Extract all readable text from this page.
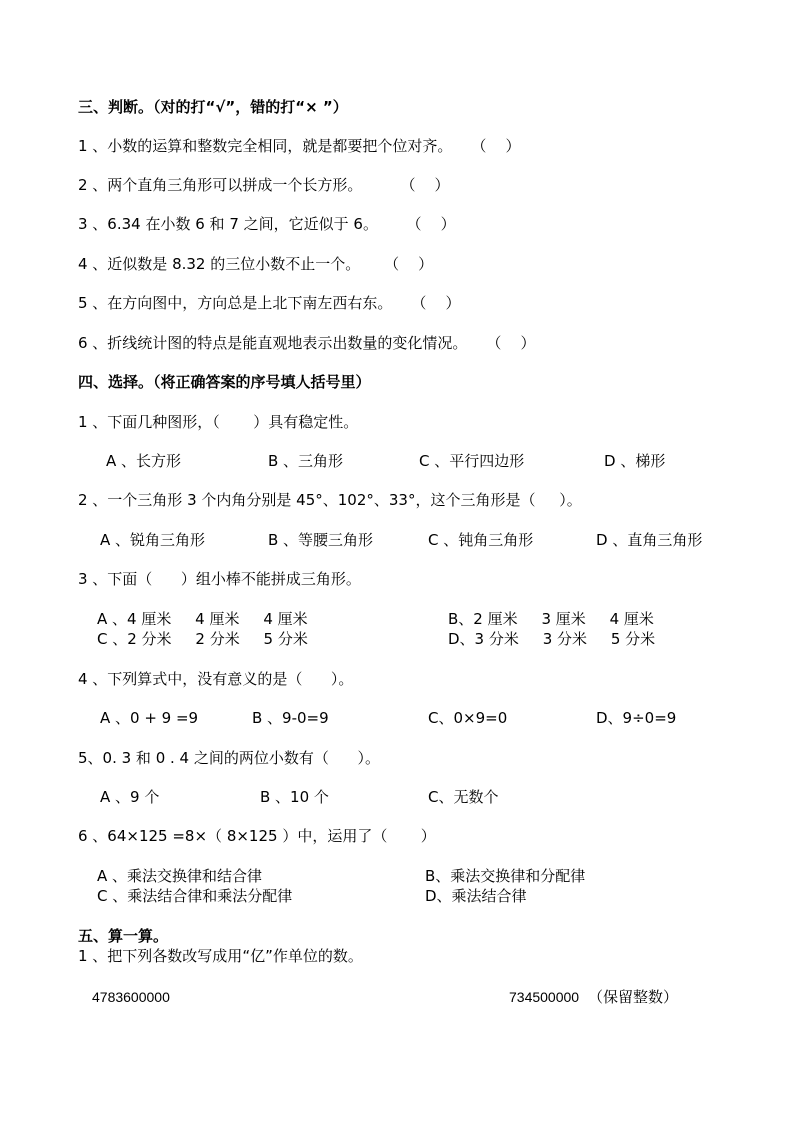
三、判断。（对的打“√”，错的打“× ”）
1 、小数的运算和整数完全相同，就是都要把个位对齐。    （    ）
2 、两个直角三角形可以拼成一个长方形。        （    ）
3 、6.34 在小数 6 和 7 之间，它近似于 6。      （    ）
4 、近似数是 8.32 的三位小数不止一个。     （    ）
5 、在方向图中，方向总是上北下南左西右东。    （    ）
6 、折线统计图的特点是能直观地表示出数量的变化情况。    （    ）
四、选择。（将正确答案的序号填人括号里）
1 、下面几种图形，（       ）具有稳定性。
A 、长方形	B 、三角形	C 、平行四边形	D 、梯形
2 、一个三角形 3 个内角分别是 45°、102°、33°，这个三角形是（     ）。
A 、锐角三角形	B 、等腰三角形	C 、钝角三角形	D 、直角三角形
3 、下面（      ）组小棒不能拼成三角形。
A 、4 厘米     4 厘米     4 厘米	B、2 厘米     3 厘米     4 厘米
C 、2 分米     2 分米     5 分米	D、3 分米     3 分米     5 分米
4 、下列算式中，没有意义的是（      ）。
A 、0 + 9 =9	B 、9-0=9	C、0×9=0	D、9÷0=9
5、0. 3 和 0 . 4 之间的两位小数有（      ）。
A 、9 个	B 、10 个	C、无数个
6 、64×125 =8×（ 8×125 ）中，运用了（       ）
A 、乘法交换律和结合律	B、乘法交换律和分配律
C 、乘法结合律和乘法分配律	D、乘法结合律
五、算一算。
1 、把下列各数改写成用“亿”作单位的数。
4783600000	734500000 （保留整数）
